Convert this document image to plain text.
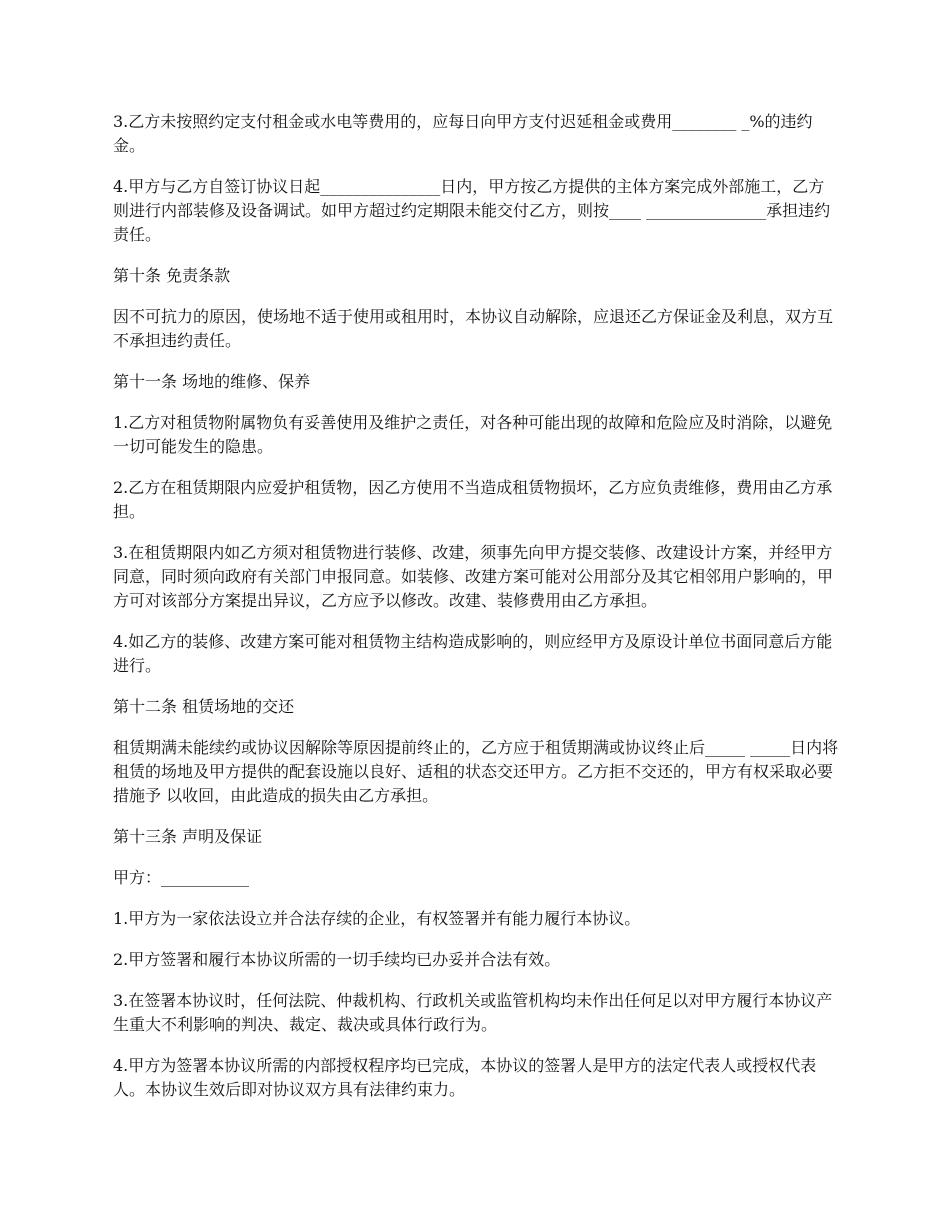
3.乙方未按照约定支付租金或水电等费用的，应每日向甲方支付迟延租金或费用________ _%的违约金。

4.甲方与乙方自签订协议日起_______________日内，甲方按乙方提供的主体方案完成外部施工，乙方则进行内部装修及设备调试。如甲方超过约定期限未能交付乙方，则按____ _______________承担违约责任。

第十条 免责条款

因不可抗力的原因，使场地不适于使用或租用时，本协议自动解除，应退还乙方保证金及利息，双方互不承担违约责任。

第十一条 场地的维修、保养

1.乙方对租赁物附属物负有妥善使用及维护之责任，对各种可能出现的故障和危险应及时消除，以避免一切可能发生的隐患。

2.乙方在租赁期限内应爱护租赁物，因乙方使用不当造成租赁物损坏，乙方应负责维修，费用由乙方承担。

3.在租赁期限内如乙方须对租赁物进行装修、改建，须事先向甲方提交装修、改建设计方案，并经甲方同意，同时须向政府有关部门申报同意。如装修、改建方案可能对公用部分及其它相邻用户影响的，甲方可对该部分方案提出异议，乙方应予以修改。改建、装修费用由乙方承担。

4.如乙方的装修、改建方案可能对租赁物主结构造成影响的，则应经甲方及原设计单位书面同意后方能进行。

第十二条 租赁场地的交还

租赁期满未能续约或协议因解除等原因提前终止的，乙方应于租赁期满或协议终止后_____ _____日内将租赁的场地及甲方提供的配套设施以良好、适租的状态交还甲方。乙方拒不交还的，甲方有权采取必要措施予 以收回，由此造成的损失由乙方承担。

第十三条 声明及保证

甲方：___________

1.甲方为一家依法设立并合法存续的企业，有权签署并有能力履行本协议。

2.甲方签署和履行本协议所需的一切手续均已办妥并合法有效。

3.在签署本协议时，任何法院、仲裁机构、行政机关或监管机构均未作出任何足以对甲方履行本协议产生重大不利影响的判决、裁定、裁决或具体行政行为。

4.甲方为签署本协议所需的内部授权程序均已完成，本协议的签署人是甲方的法定代表人或授权代表人。本协议生效后即对协议双方具有法律约束力。
